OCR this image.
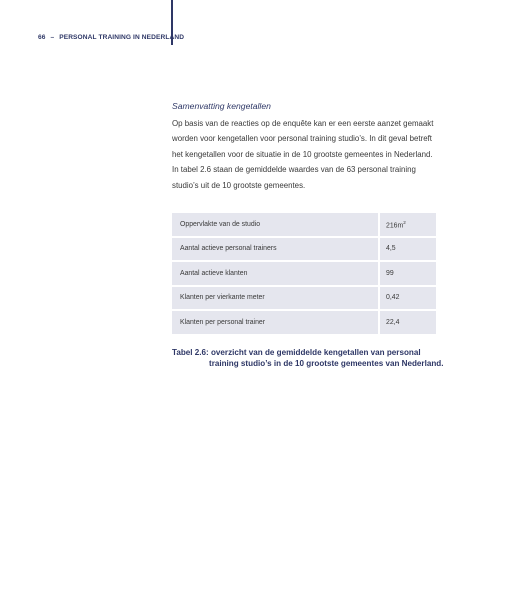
66 – PERSONAL TRAINING IN NEDERLAND
Samenvatting kengetallen

Op basis van de reacties op de enquête kan er een eerste aanzet gemaakt worden voor kengetallen voor personal training studio’s. In dit geval betreft het kengetallen voor de situatie in de 10 grootste gemeentes in Nederland. In tabel 2.6 staan de gemiddelde waardes van de 63 personal training studio’s uit de 10 grootste gemeentes.

Oppervlakte van de studio	$216m^2$
Aantal actieve personal trainers	4,5
Aantal actieve klanten	99
Klanten per vierkante meter	0,42
Klanten per personal trainer	22,4
Tabel 2.6: overzicht van de gemiddelde kengetallen van personal
training studio’s in de 10 grootste gemeentes van Nederland.
